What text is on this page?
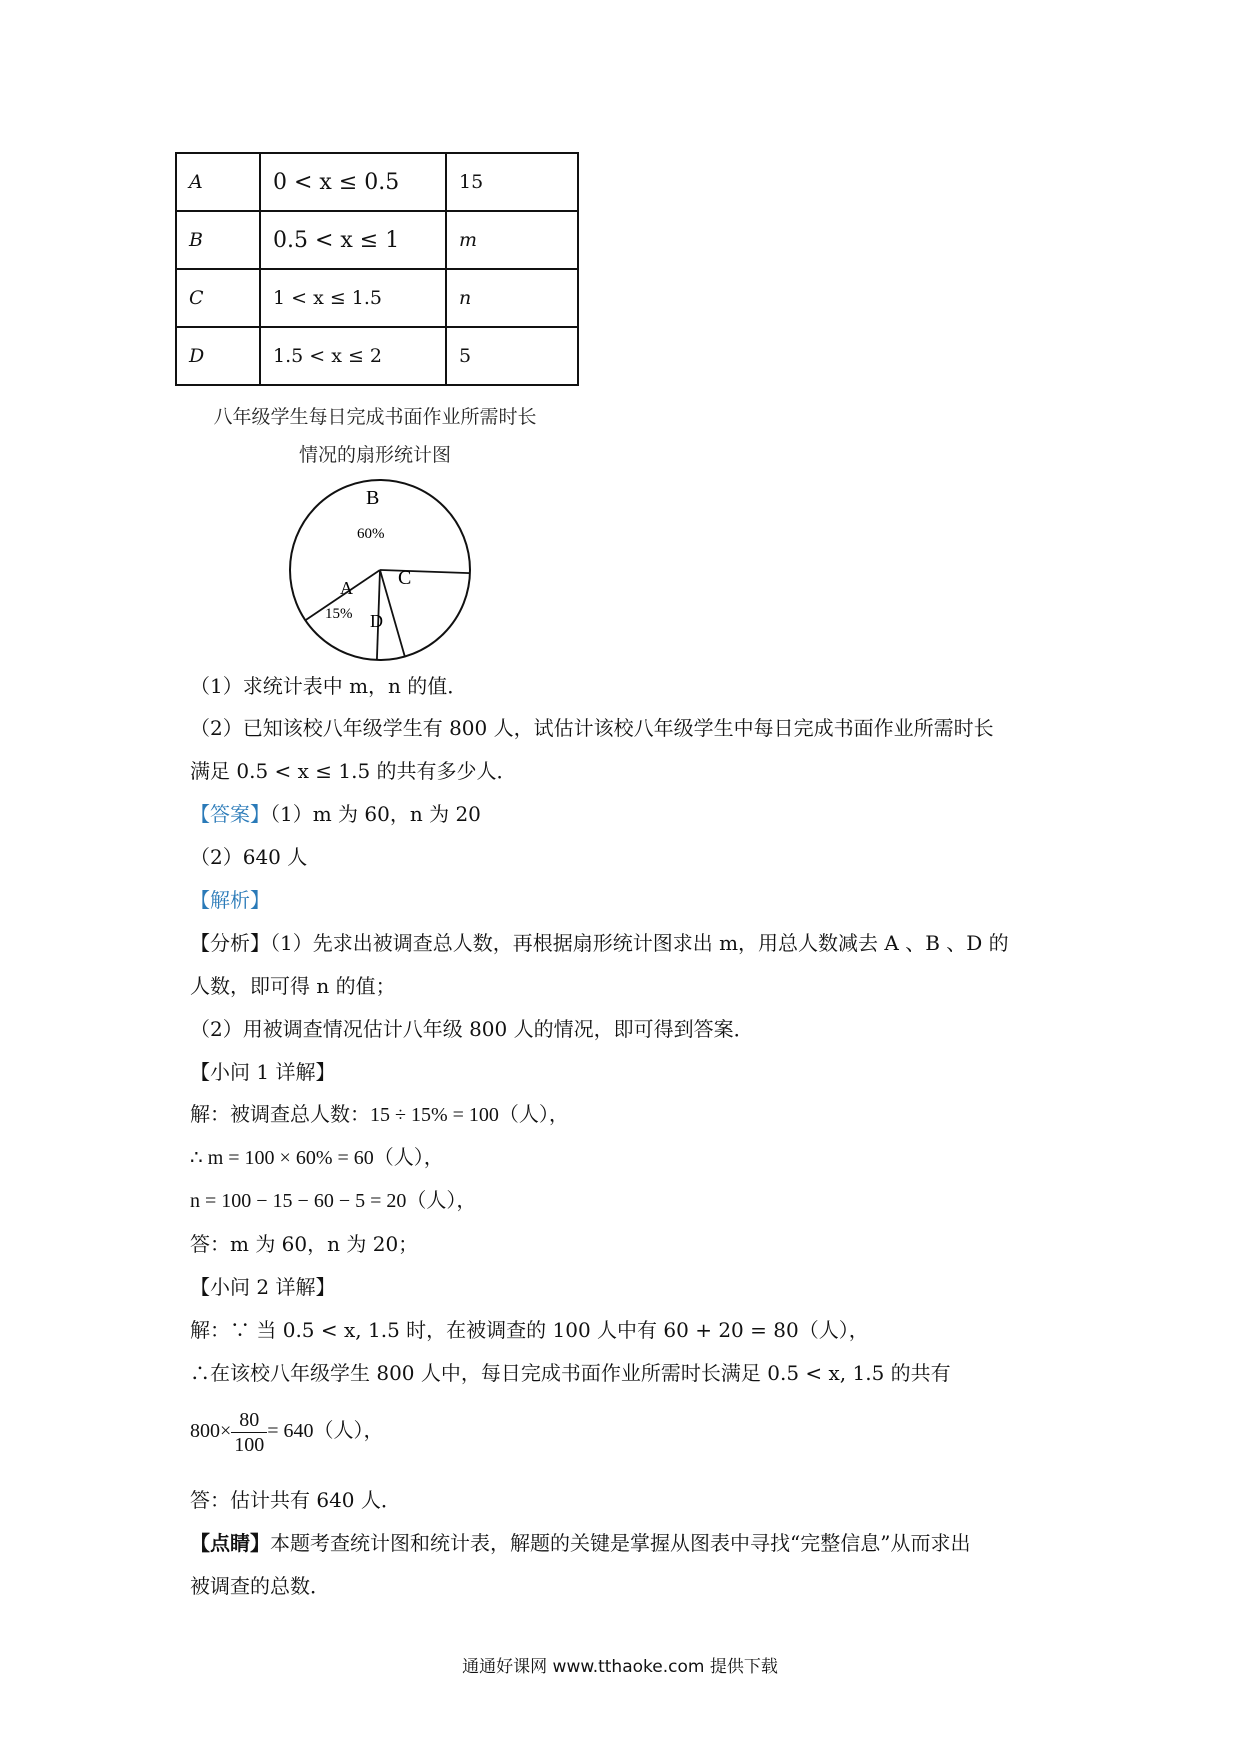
A	0 < x ≤ 0.5	15
B	0.5 < x ≤ 1	m
C	1 < x ≤ 1.5	n
D	1.5 < x ≤ 2	5
八年级学生每日完成书面作业所需时长
情况的扇形统计图
B
60%
A
15%
C
D
（1）求统计表中 m，n 的值．
（2）已知该校八年级学生有 800 人，试估计该校八年级学生中每日完成书面作业所需时长
满足 0.5 < x ≤ 1.5 的共有多少人．
【答案】（1）m 为 60，n 为 20
（2）640 人
【解析】
【分析】（1）先求出被调查总人数，再根据扇形统计图求出 m，用总人数减去 A 、B 、D 的
人数，即可得 n 的值；
（2）用被调查情况估计八年级 800 人的情况，即可得到答案．
【小问 1 详解】
解：被调查总人数：15 ÷ 15% = 100（人），
∴ m = 100 × 60% = 60（人），
n = 100 − 15 − 60 − 5 = 20（人），
答：m 为 60，n 为 20；
【小问 2 详解】
解：∵ 当 0.5 < x, 1.5 时，在被调查的 100 人中有 60 + 20 = 80（人），
∴在该校八年级学生 800 人中，每日完成书面作业所需时长满足 0.5 < x, 1.5 的共有
$800\times \frac{80}{100} = 640$（人），
答：估计共有 640 人．
【点睛】本题考查统计图和统计表，解题的关键是掌握从图表中寻找“完整信息”从而求出
被调查的总数．
通通好课网 www.tthaoke.com 提供下载
